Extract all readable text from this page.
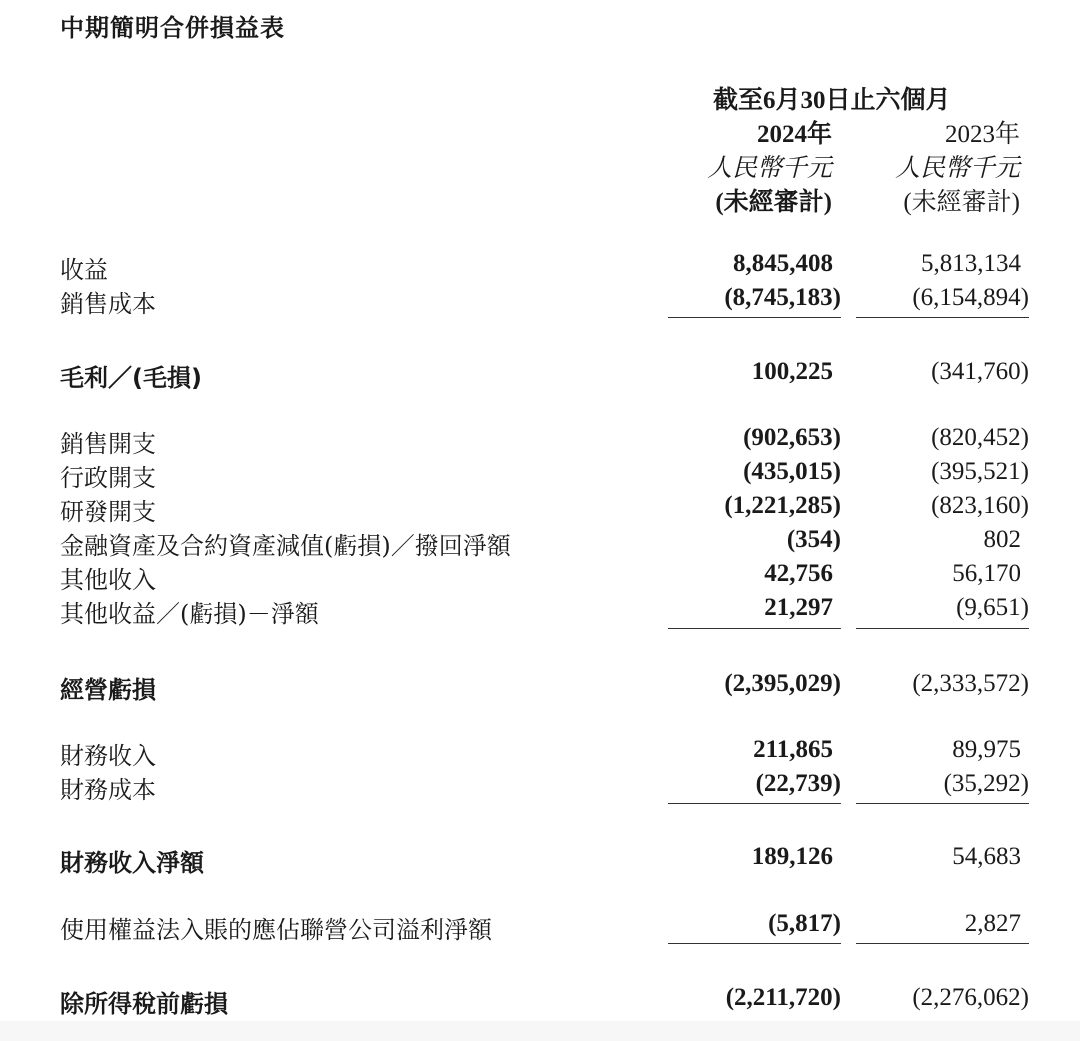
中期簡明合併損益表
截至6月30日止六個月
2024年	2023年
人民幣千元	人民幣千元
(未經審計)	(未經審計)
收益	8,845,408	5,813,134
銷售成本	(8,745,183)	(6,154,894)
毛利／(毛損)	100,225	(341,760)
銷售開支	(902,653)	(820,452)
行政開支	(435,015)	(395,521)
研發開支	(1,221,285)	(823,160)
金融資產及合約資產減值(虧損)／撥回淨額	(354)	802
其他收入	42,756	56,170
其他收益／(虧損)－淨額	21,297	(9,651)
經營虧損	(2,395,029)	(2,333,572)
財務收入	211,865	89,975
財務成本	(22,739)	(35,292)
財務收入淨額	189,126	54,683
使用權益法入賬的應佔聯營公司溢利淨額	(5,817)	2,827
除所得稅前虧損	(2,211,720)	(2,276,062)
